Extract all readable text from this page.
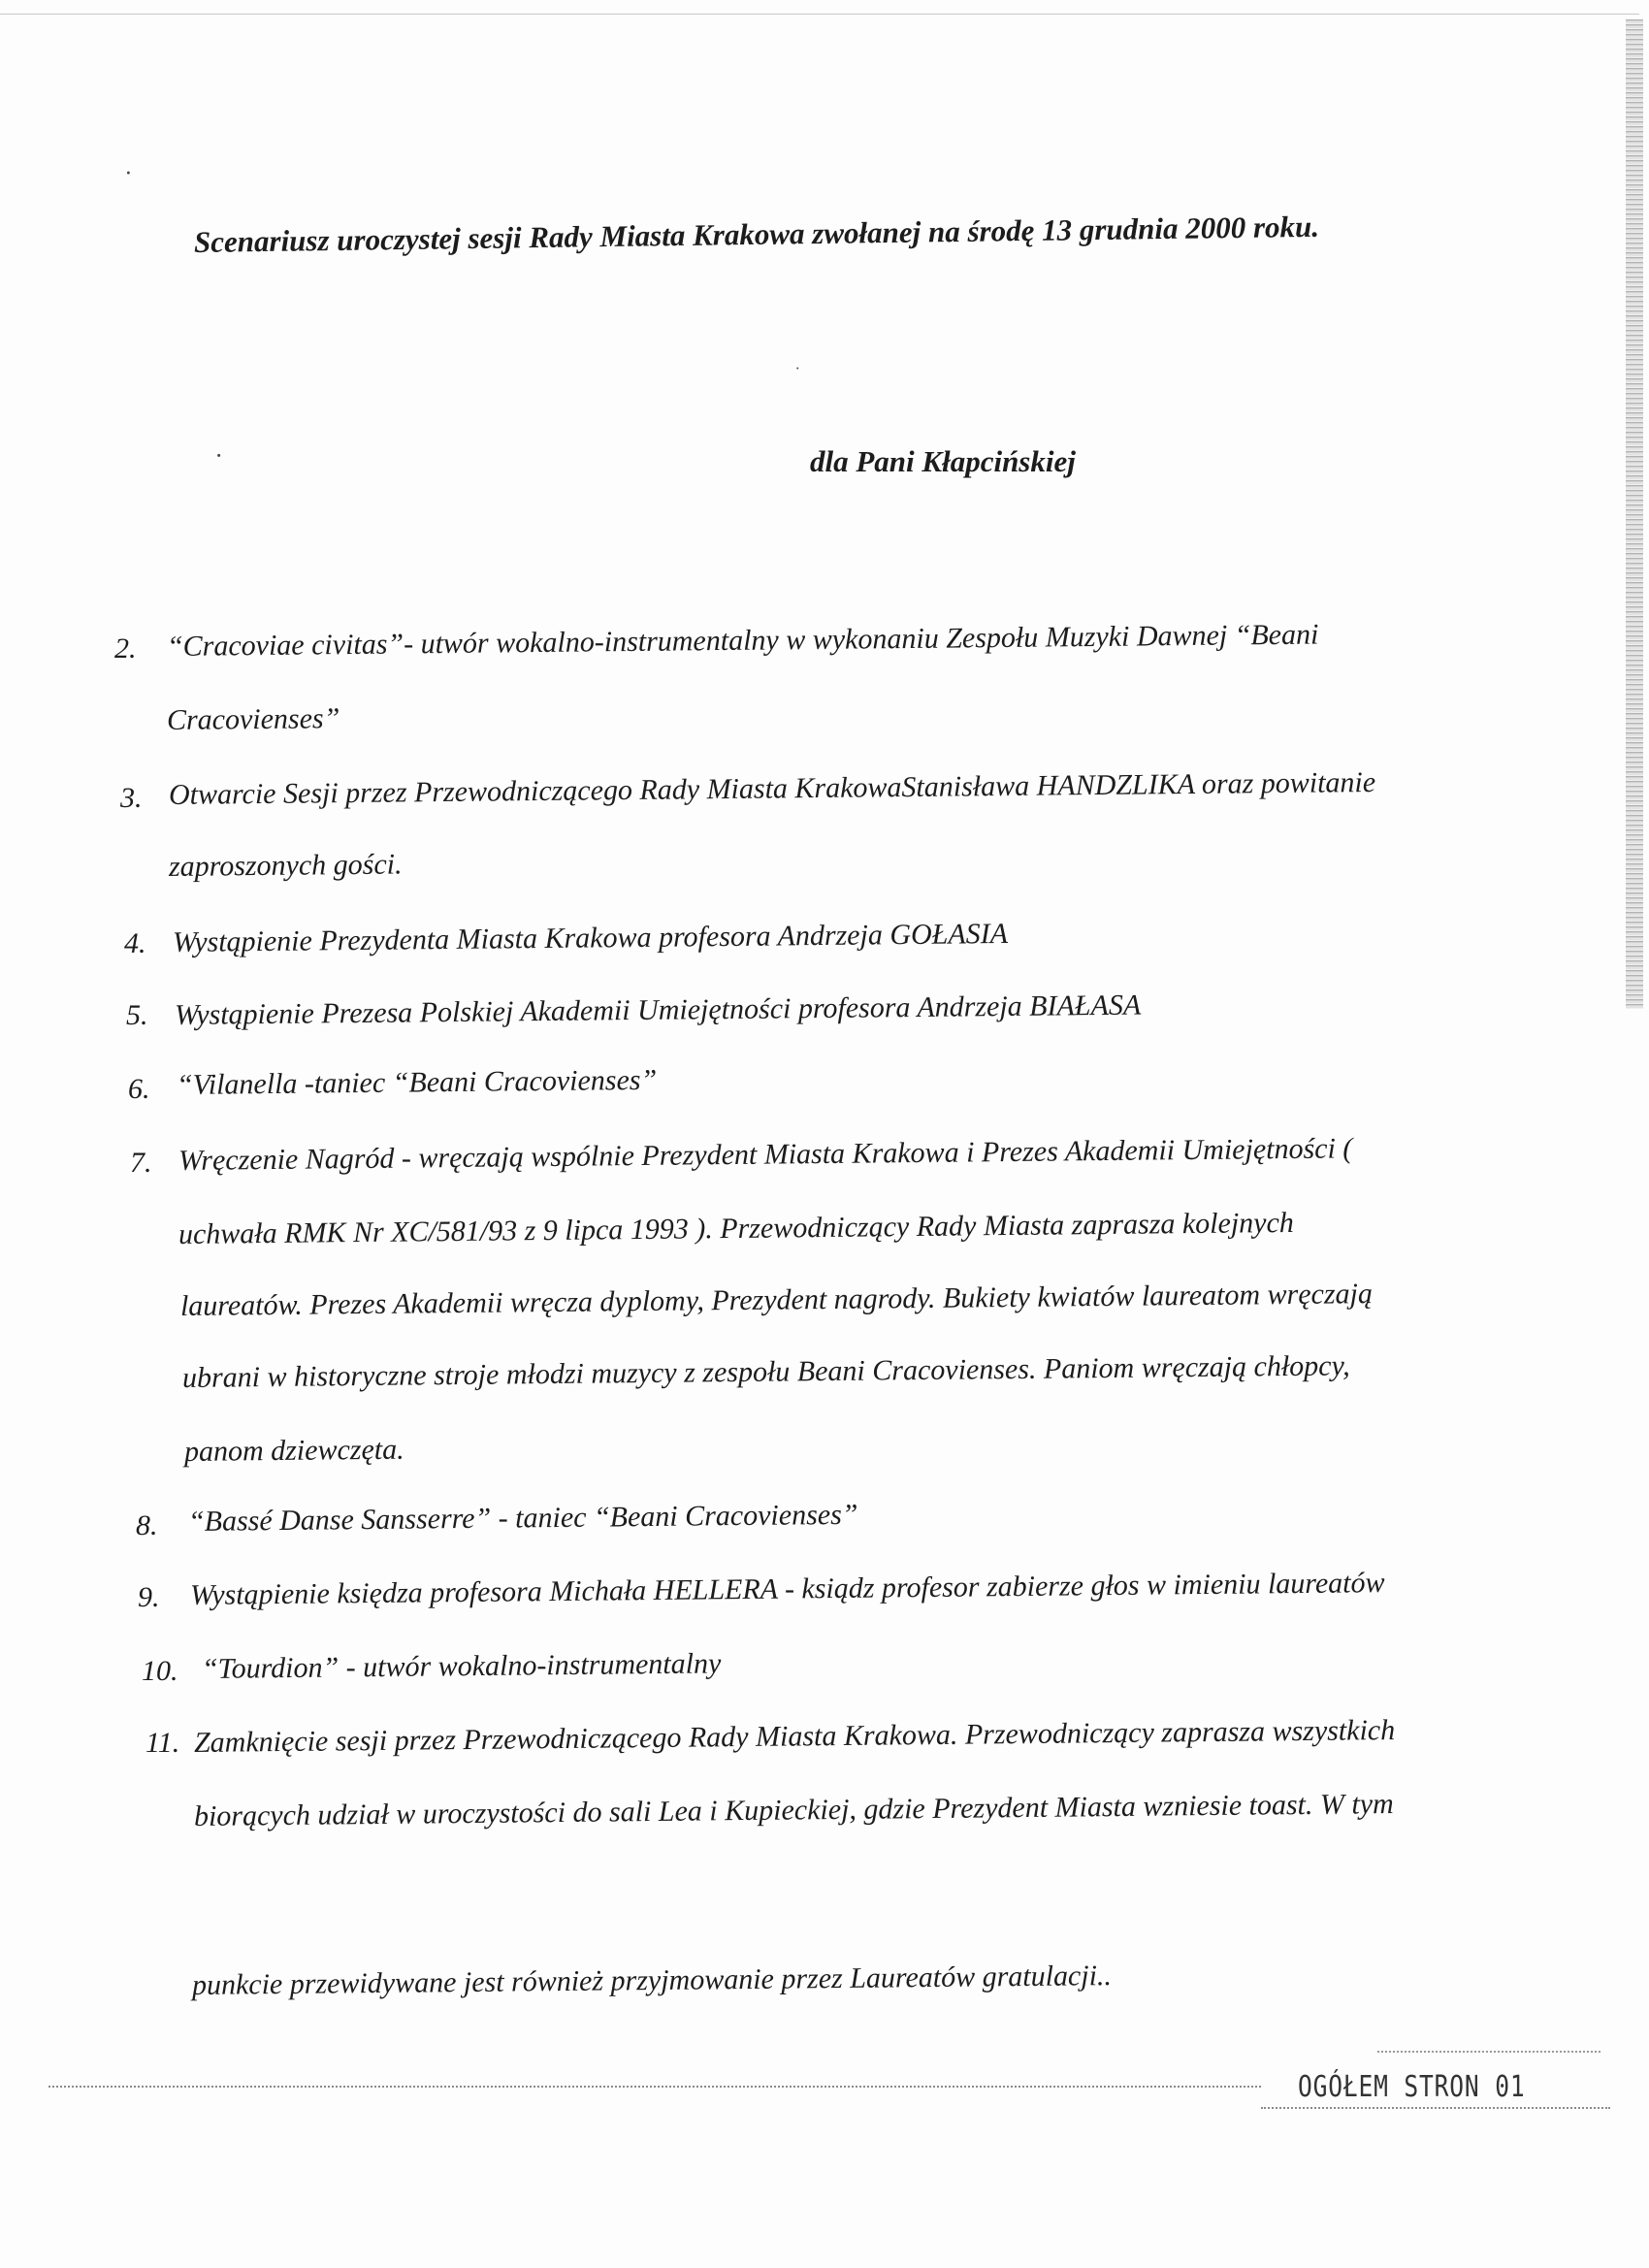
·
·
·
Scenariusz uroczystej sesji Rady Miasta Krakowa zwołanej na środę 13 grudnia 2000 roku.
dla Pani Kłapcińskiej
2. “Cracoviae civitas”- utwór wokalno-instrumentalny w wykonaniu Zespołu Muzyki Dawnej “Beani
Cracovienses”
3. Otwarcie Sesji przez Przewodniczącego Rady Miasta KrakowaStanisława HANDZLIKA oraz powitanie
zaproszonych gości.
4. Wystąpienie Prezydenta Miasta Krakowa profesora Andrzeja GOŁASIA
5. Wystąpienie Prezesa Polskiej Akademii Umiejętności profesora Andrzeja BIAŁASA
6. “Vilanella -taniec “Beani Cracovienses”
7. Wręczenie Nagród - wręczają wspólnie Prezydent Miasta Krakowa i Prezes Akademii Umiejętności (
uchwała RMK Nr XC/581/93 z 9 lipca 1993 ). Przewodniczący Rady Miasta zaprasza kolejnych
laureatów. Prezes Akademii wręcza dyplomy, Prezydent nagrody. Bukiety kwiatów laureatom wręczają
ubrani w historyczne stroje młodzi muzycy z zespołu Beani Cracovienses. Paniom wręczają chłopcy,
panom dziewczęta.
8. “Bassé Danse Sansserre” - taniec “Beani Cracovienses”
9. Wystąpienie księdza profesora Michała HELLERA - ksiądz profesor zabierze głos w imieniu laureatów
10. “Tourdion” - utwór wokalno-instrumentalny
11. Zamknięcie sesji przez Przewodniczącego Rady Miasta Krakowa. Przewodniczący zaprasza wszystkich
biorących udział w uroczystości do sali Lea i Kupieckiej, gdzie Prezydent Miasta wzniesie toast. W tym
punkcie przewidywane jest również przyjmowanie przez Laureatów gratulacji..
OGÓŁEM STRON 01
